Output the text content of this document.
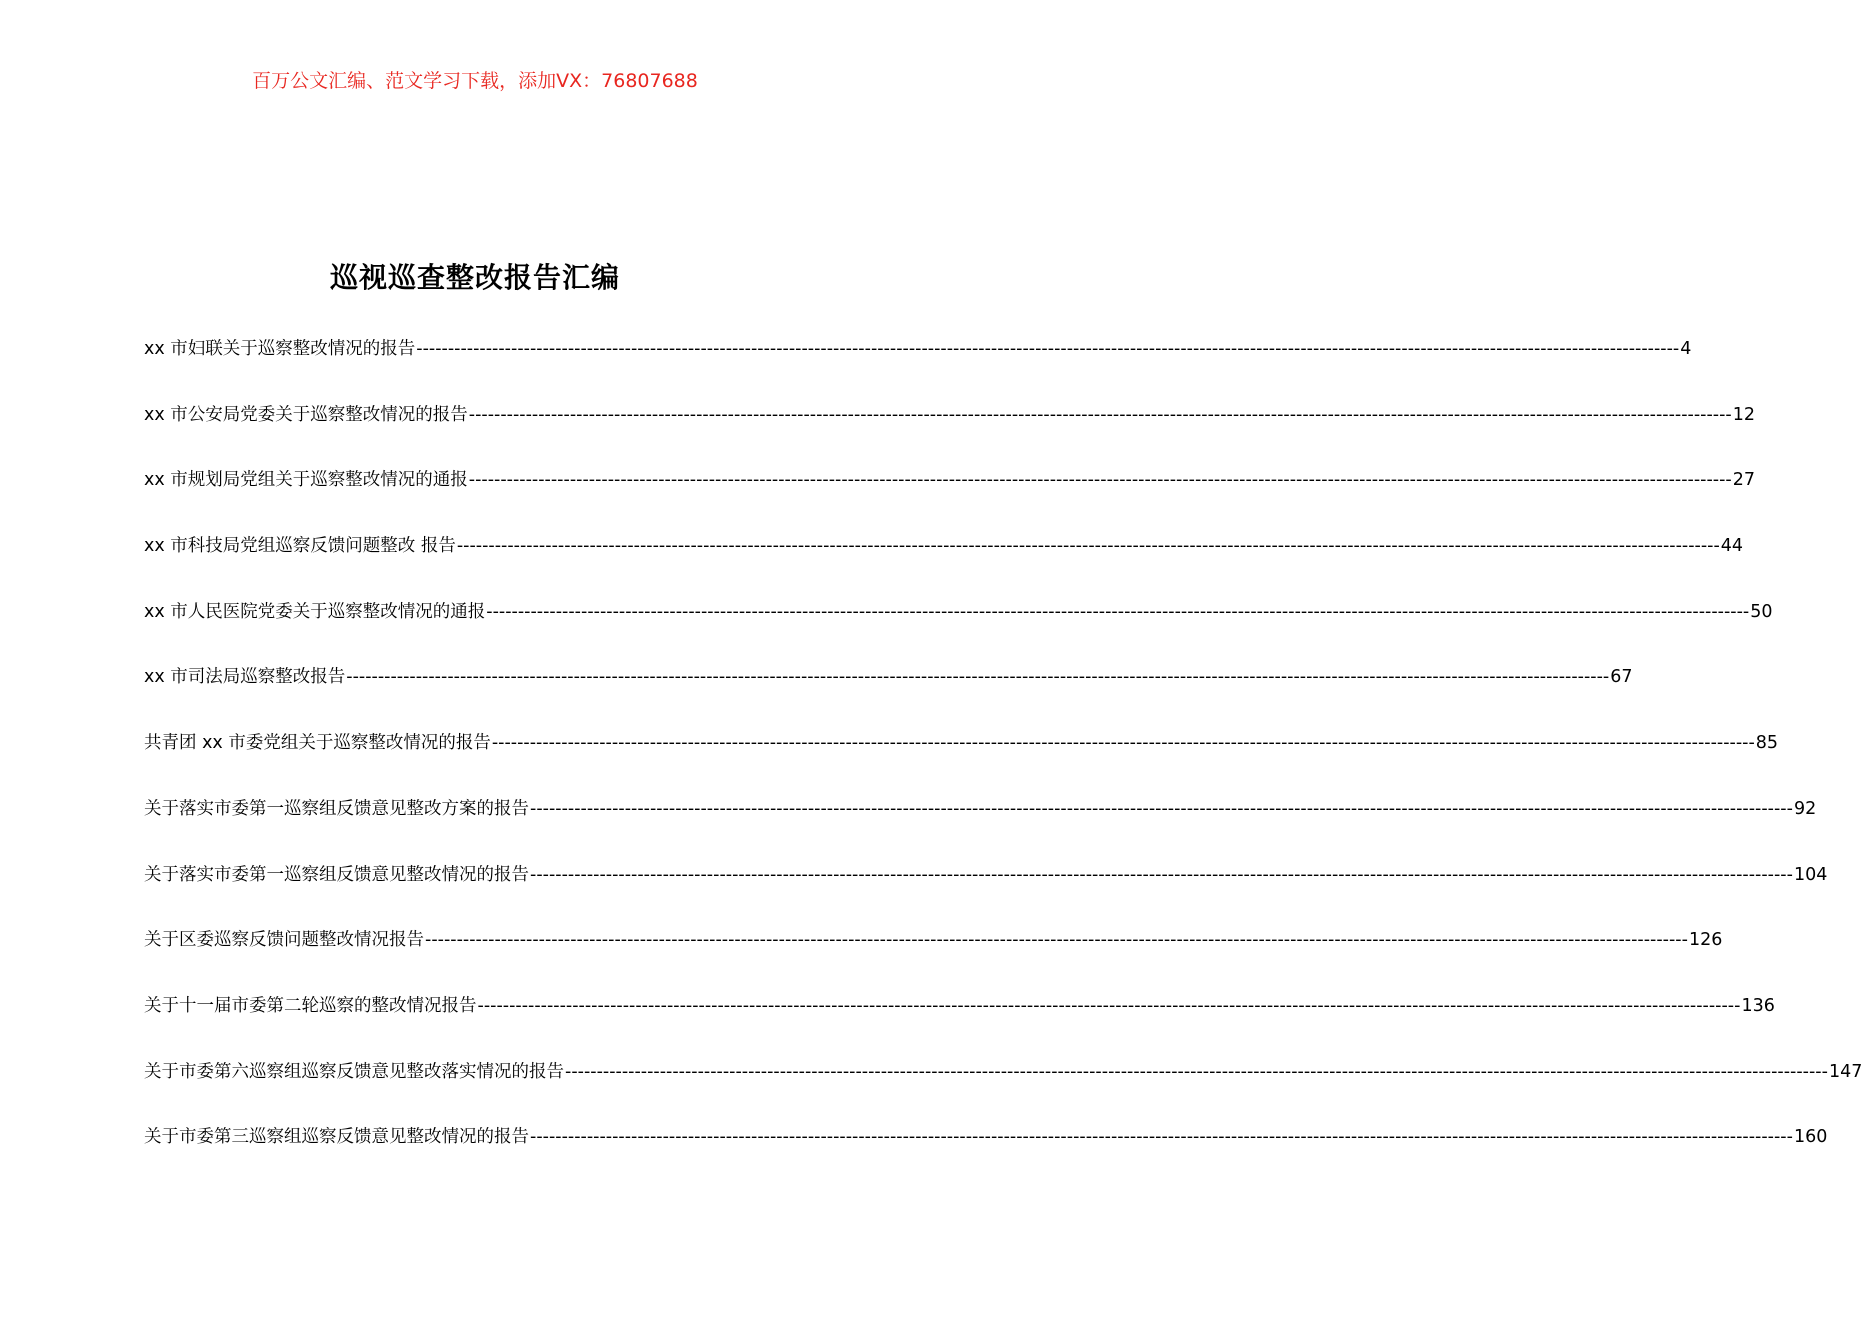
百万公文汇编、范文学习下载，添加VX：76807688
巡视巡查整改报告汇编
xx 市妇联关于巡察整改情况的报告 -------------------------------------------------------------------------------------------------------------------------------------------------------------------------------------------------------- 4
xx 市公安局党委关于巡察整改情况的报告 -------------------------------------------------------------------------------------------------------------------------------------------------------------------------------------------------------- 12
xx 市规划局党组关于巡察整改情况的通报 -------------------------------------------------------------------------------------------------------------------------------------------------------------------------------------------------------- 27
xx 市科技局党组巡察反馈问题整改 报告 -------------------------------------------------------------------------------------------------------------------------------------------------------------------------------------------------------- 44
xx 市人民医院党委关于巡察整改情况的通报 -------------------------------------------------------------------------------------------------------------------------------------------------------------------------------------------------------- 50
xx 市司法局巡察整改报告 -------------------------------------------------------------------------------------------------------------------------------------------------------------------------------------------------------- 67
共青团 xx 市委党组关于巡察整改情况的报告 -------------------------------------------------------------------------------------------------------------------------------------------------------------------------------------------------------- 85
关于落实市委第一巡察组反馈意见整改方案的报告 -------------------------------------------------------------------------------------------------------------------------------------------------------------------------------------------------------- 92
关于落实市委第一巡察组反馈意见整改情况的报告 -------------------------------------------------------------------------------------------------------------------------------------------------------------------------------------------------------- 104
关于区委巡察反馈问题整改情况报告 -------------------------------------------------------------------------------------------------------------------------------------------------------------------------------------------------------- 126
关于十一届市委第二轮巡察的整改情况报告 -------------------------------------------------------------------------------------------------------------------------------------------------------------------------------------------------------- 136
关于市委第六巡察组巡察反馈意见整改落实情况的报告 -------------------------------------------------------------------------------------------------------------------------------------------------------------------------------------------------------- 147
关于市委第三巡察组巡察反馈意见整改情况的报告 -------------------------------------------------------------------------------------------------------------------------------------------------------------------------------------------------------- 160
